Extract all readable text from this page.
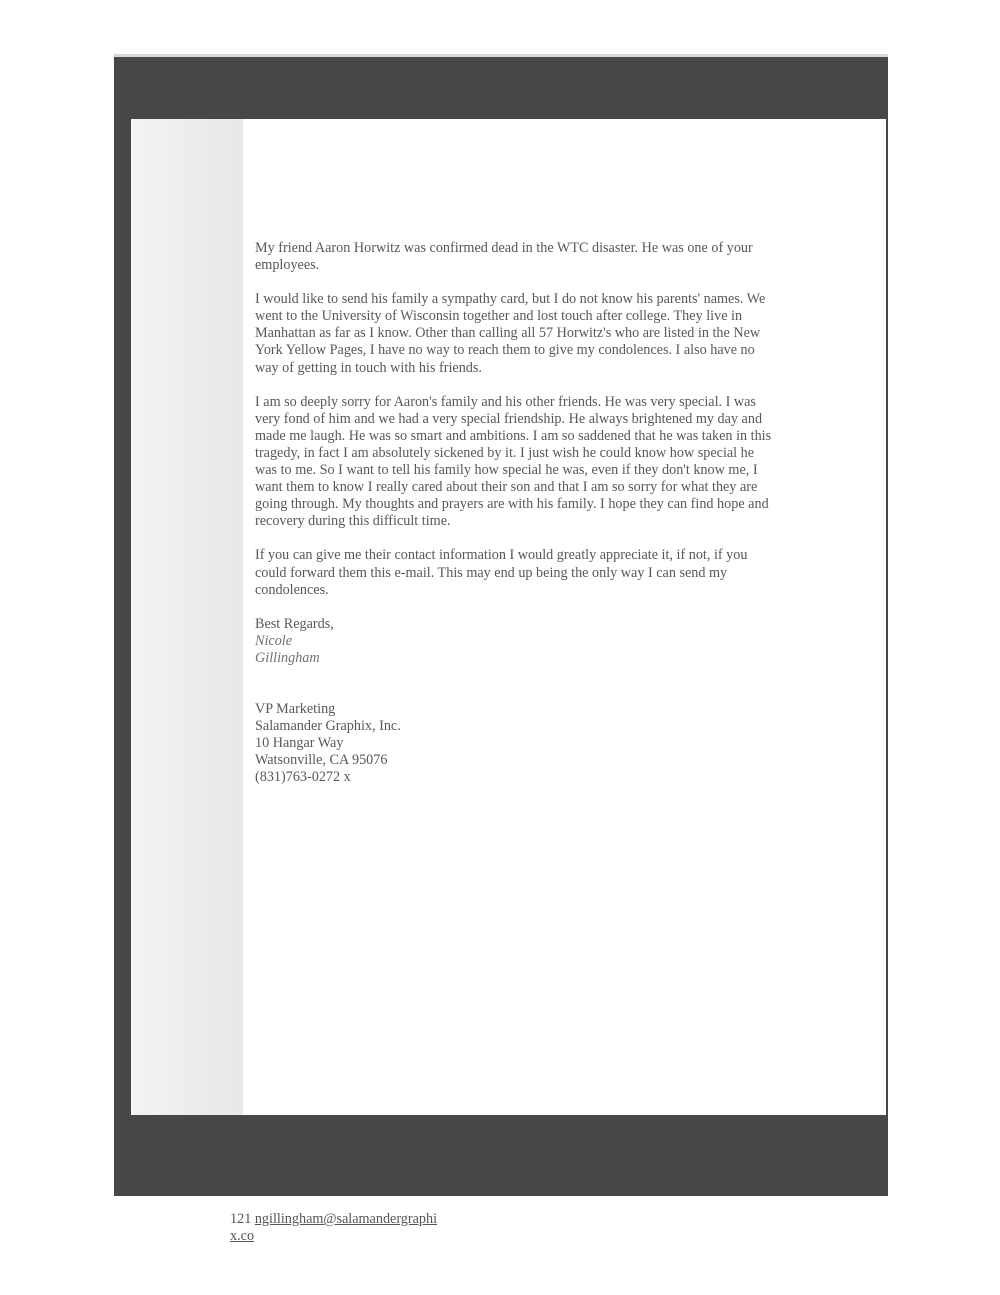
My friend Aaron Horwitz was confirmed dead in the WTC disaster. He was one of your employees.

I would like to send his family a sympathy card, but I do not know his parents' names. We went to the University of Wisconsin together and lost touch after college. They live in Manhattan as far as I know. Other than calling all 57 Horwitz's who are listed in the New York Yellow Pages, I have no way to reach them to give my condolences. I also have no way of getting in touch with his friends.

I am so deeply sorry for Aaron's family and his other friends. He was very special. I was very fond of him and we had a very special friendship. He always brightened my day and made me laugh. He was so smart and ambitions. I am so saddened that he was taken in this tragedy, in fact I am absolutely sickened by it. I just wish he could know how special he was to me. So I want to tell his family how special he was, even if they don't know me, I want them to know I really cared about their son and that I am so sorry for what they are going through. My thoughts and prayers are with his family. I hope they can find hope and recovery during this difficult time.

If you can give me their contact information I would greatly appreciate it, if not, if you could forward them this e-mail. This may end up being the only way I can send my condolences.

Best Regards,
Nicole
Gillingham
VP Marketing
Salamander Graphix, Inc.
10 Hangar Way
Watsonville, CA 95076
(831)763-0272 x
121 ngillingham@salamandergraphi
x.co
